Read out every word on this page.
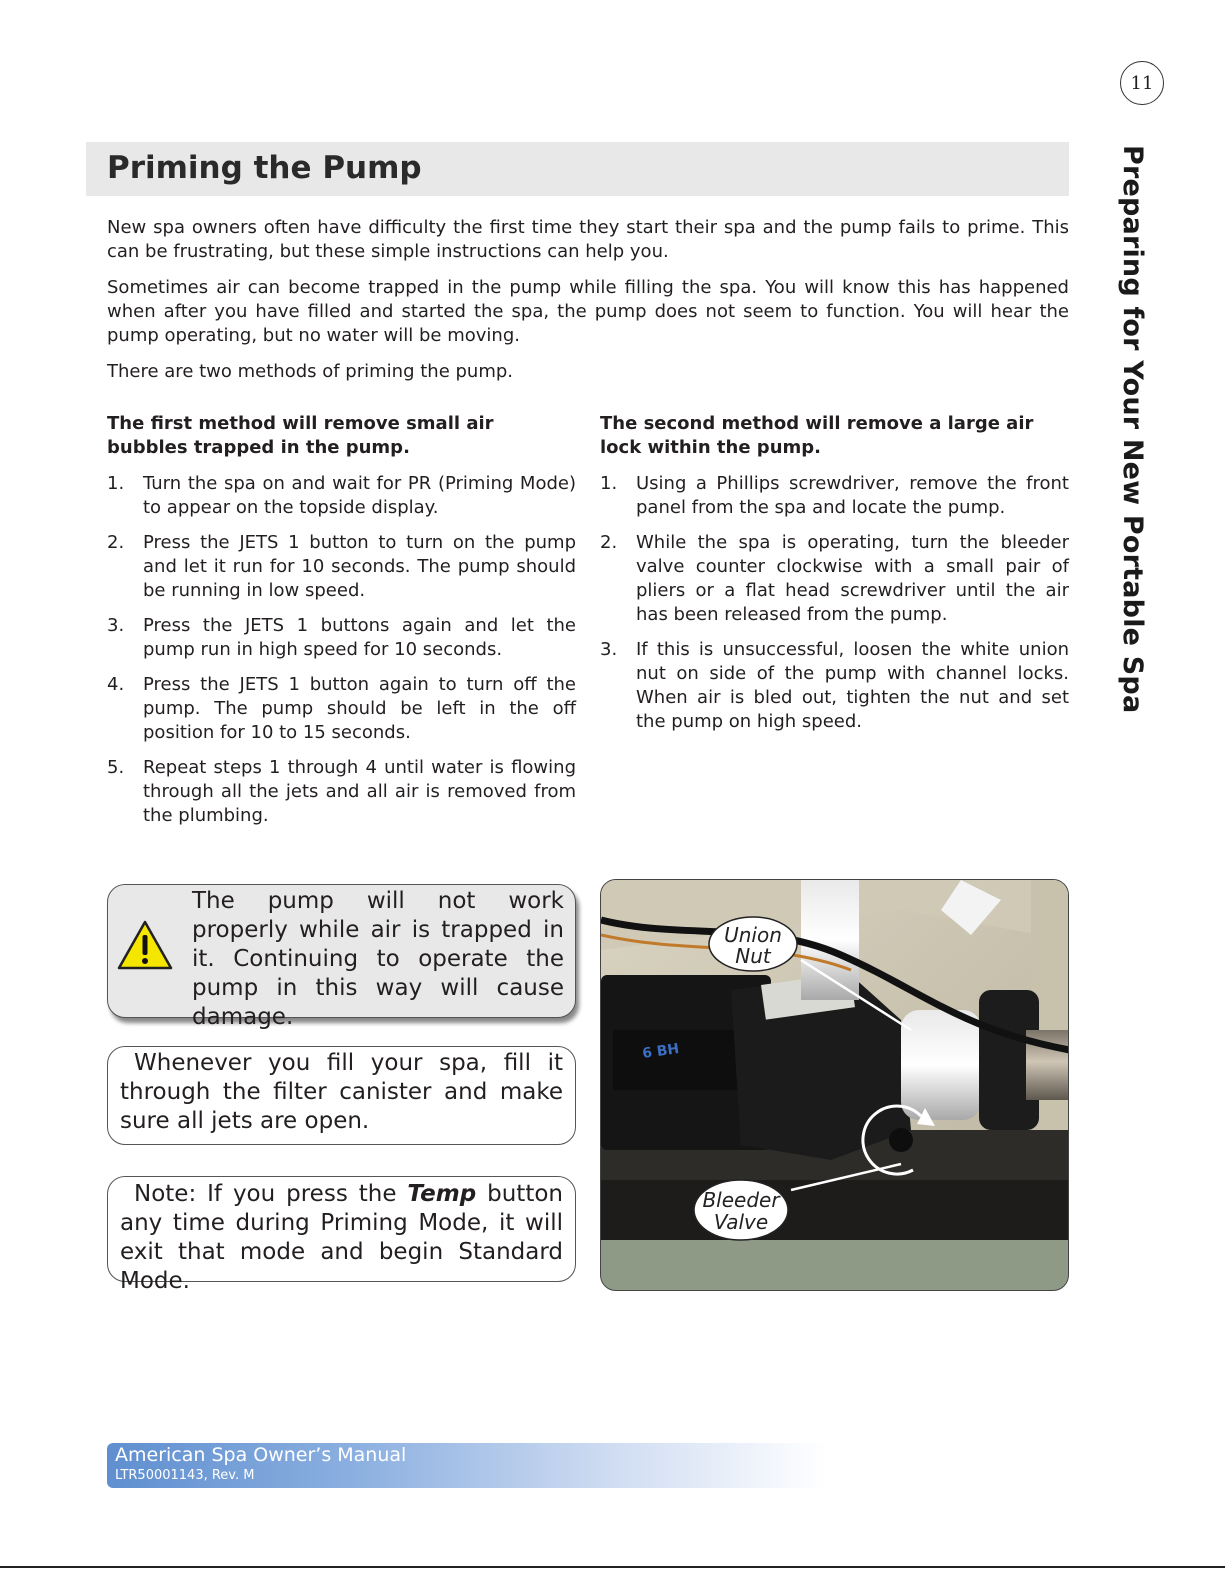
11
Preparing for Your New Portable Spa
Priming the Pump

New spa owners often have difficulty the first time they start their spa and the pump fails to prime. This can be frustrating, but these simple instructions can help you.

Sometimes air can become trapped in the pump while filling the spa. You will know this has happened when after you have filled and started the spa, the pump does not seem to function. You will hear the pump operating, but no water will be moving.

There are two methods of priming the pump.

The first method will remove small air bubbles trapped in the pump.
1. Turn the spa on and wait for PR (Priming Mode) to appear on the topside display.
2. Press the JETS 1 button to turn on the pump and let it run for 10 seconds. The pump should be running in low speed.
3. Press the JETS 1 buttons again and let the pump run in high speed for 10 seconds.
4. Press the JETS 1 button again to turn off the pump. The pump should be left in the off position for 10 to 15 seconds.
5. Repeat steps 1 through 4 until water is flowing through all the jets and all air is removed from the plumbing.
The second method will remove a large air lock within the pump.
1. Using a Phillips screwdriver, remove the front panel from the spa and locate the pump.
2. While the spa is operating, turn the bleeder valve counter clockwise with a small pair of pliers or a flat head screwdriver until the air has been released from the pump.
3. If this is unsuccessful, loosen the white union nut on side of the pump with channel locks. When air is bled out, tighten the nut and set the pump on high speed.
The pump will not work properly while air is trapped in it. Continuing to operate the pump in this way will cause damage.
Whenever you fill your spa, fill it through the filter canister and make sure all jets are open.
Note: If you press the Temp button any time during Priming Mode, it will exit that mode and begin Standard Mode.
6 BH
Union
Nut
Bleeder
Valve
American Spa Owner’s Manual
LTR50001143, Rev. M
